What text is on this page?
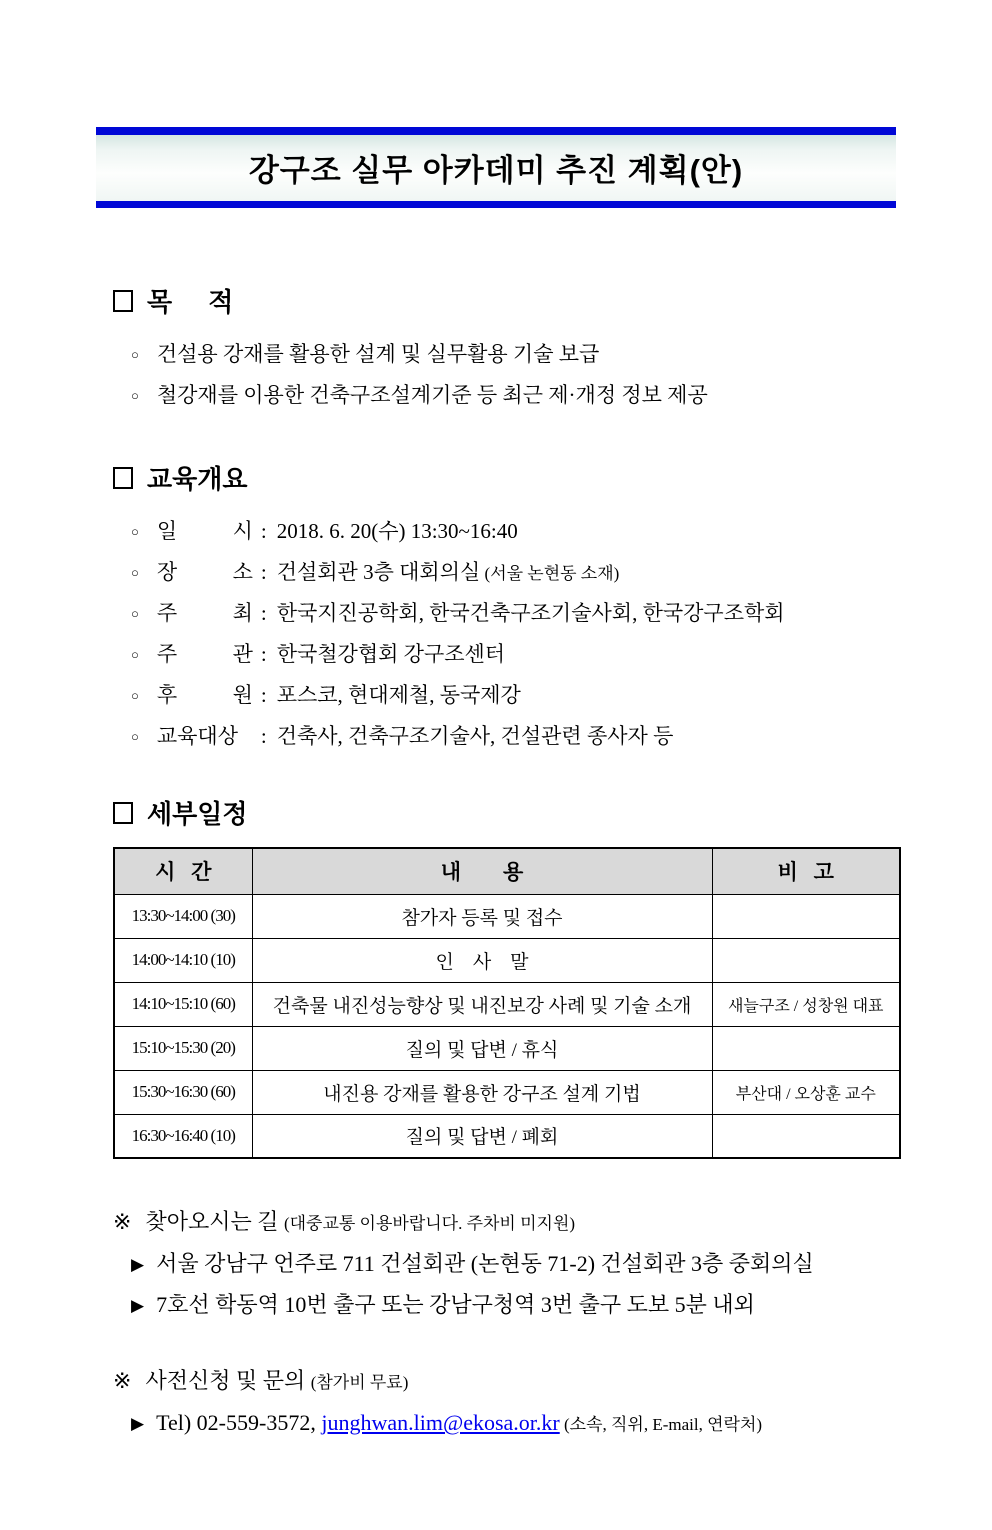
강구조 실무 아카데미 추진 계획(안)
목     적
○ 건설용 강재를 활용한 설계 및 실무활용 기술 보급
○ 철강재를 이용한 건축구조설계기준 등 최근 제·개정 정보 제공
교육개요
○ 일 시 : 2018. 6. 20(수) 13:30~16:40
○ 장 소 : 건설회관 3층 대회의실
(서울 논현동 소재)
○ 주 최 : 한국지진공학회, 한국건축구조기술사회, 한국강구조학회
○ 주 관 : 한국철강협회 강구조센터
○ 후 원 : 포스코, 현대제철, 동국제강
○ 교육대상	: 건축사, 건축구조기술사, 건설관련 종사자 등
세부일정
시   간	내        용	비   고
13:30~14:00 (30)	참가자 등록 및 접수	
14:00~14:10 (10)	인    사    말	
14:10~15:10 (60)	건축물 내진성능향상 및 내진보강 사례 및 기술 소개	새늘구조 / 성창원 대표
15:10~15:30 (20)	질의 및 답변 / 휴식	
15:30~16:30 (60)	내진용 강재를 활용한 강구조 설계 기법	부산대 / 오상훈 교수
16:30~16:40 (10)	질의 및 답변 / 폐회	
※ 찾아오시는 길 (대중교통 이용바랍니다. 주차비 미지원)
▶ 서울 강남구 언주로 711 건설회관 (논현동 71-2) 건설회관 3층 중회의실
▶ 7호선 학동역 10번 출구 또는 강남구청역 3번 출구 도보 5분 내외
※ 사전신청 및 문의 (참가비 무료)
▶ Tel) 02-559-3572, junghwan.lim@ekosa.or.kr (소속, 직위, E-mail, 연락처)
